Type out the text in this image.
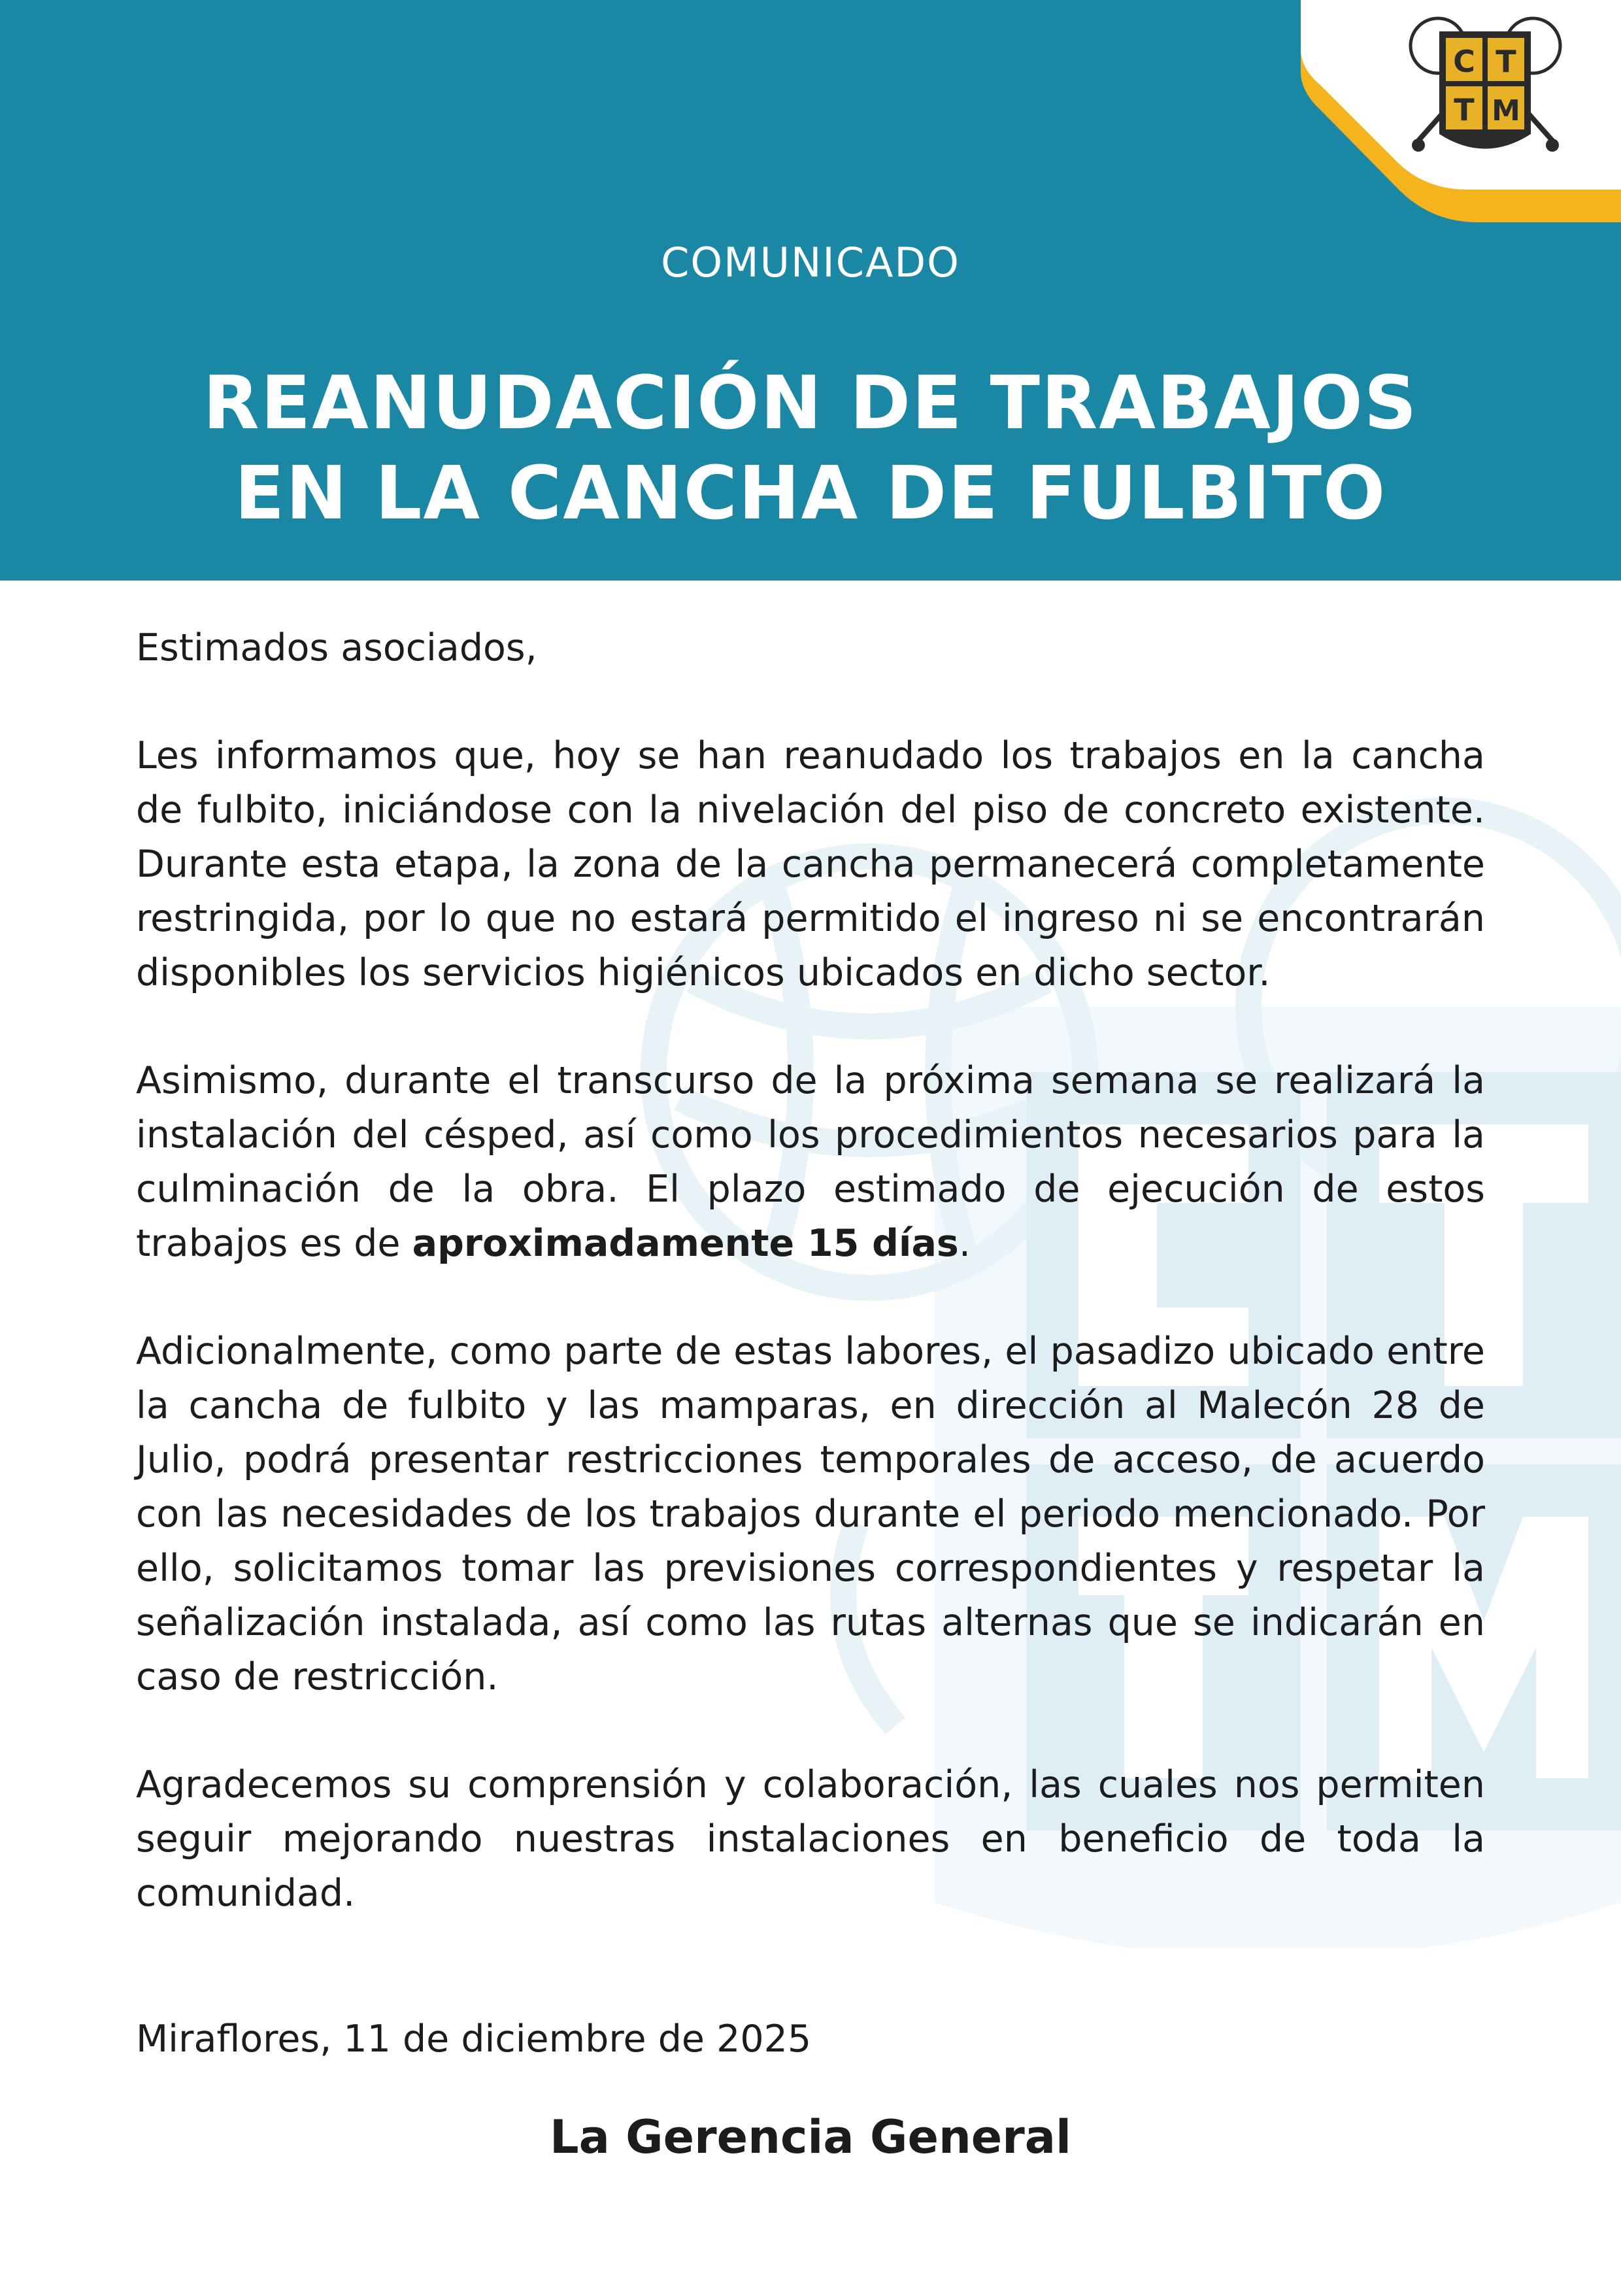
COMUNICADO
REANUDACIÓN DE TRABAJOS
EN LA CANCHA DE FULBITO
C T
T M

Estimados asociados,

Les informamos que, hoy se han reanudado los trabajos en la cancha de fulbito, iniciándose con la nivelación del piso de concreto existente. Durante esta etapa, la zona de la cancha permanecerá completamente restringida, por lo que no estará permitido el ingreso ni se encontrarán disponibles los servicios higiénicos ubicados en dicho sector.

Asimismo, durante el transcurso de la próxima semana se realizará la instalación del césped, así como los procedimientos necesarios para la culminación de la obra. El plazo estimado de ejecución de estos trabajos es de aproximadamente 15 días.

Adicionalmente, como parte de estas labores, el pasadizo ubicado entre la cancha de fulbito y las mamparas, en dirección al Malecón 28 de Julio, podrá presentar restricciones temporales de acceso, de acuerdo con las necesidades de los trabajos durante el periodo mencionado. Por ello, solicitamos tomar las previsiones correspondientes y respetar la señalización instalada, así como las rutas alternas que se indicarán en caso de restricción.

Agradecemos su comprensión y colaboración, las cuales nos permiten seguir mejorando nuestras instalaciones en beneficio de toda la comunidad.

Miraflores, 11 de diciembre de 2025
La Gerencia General
